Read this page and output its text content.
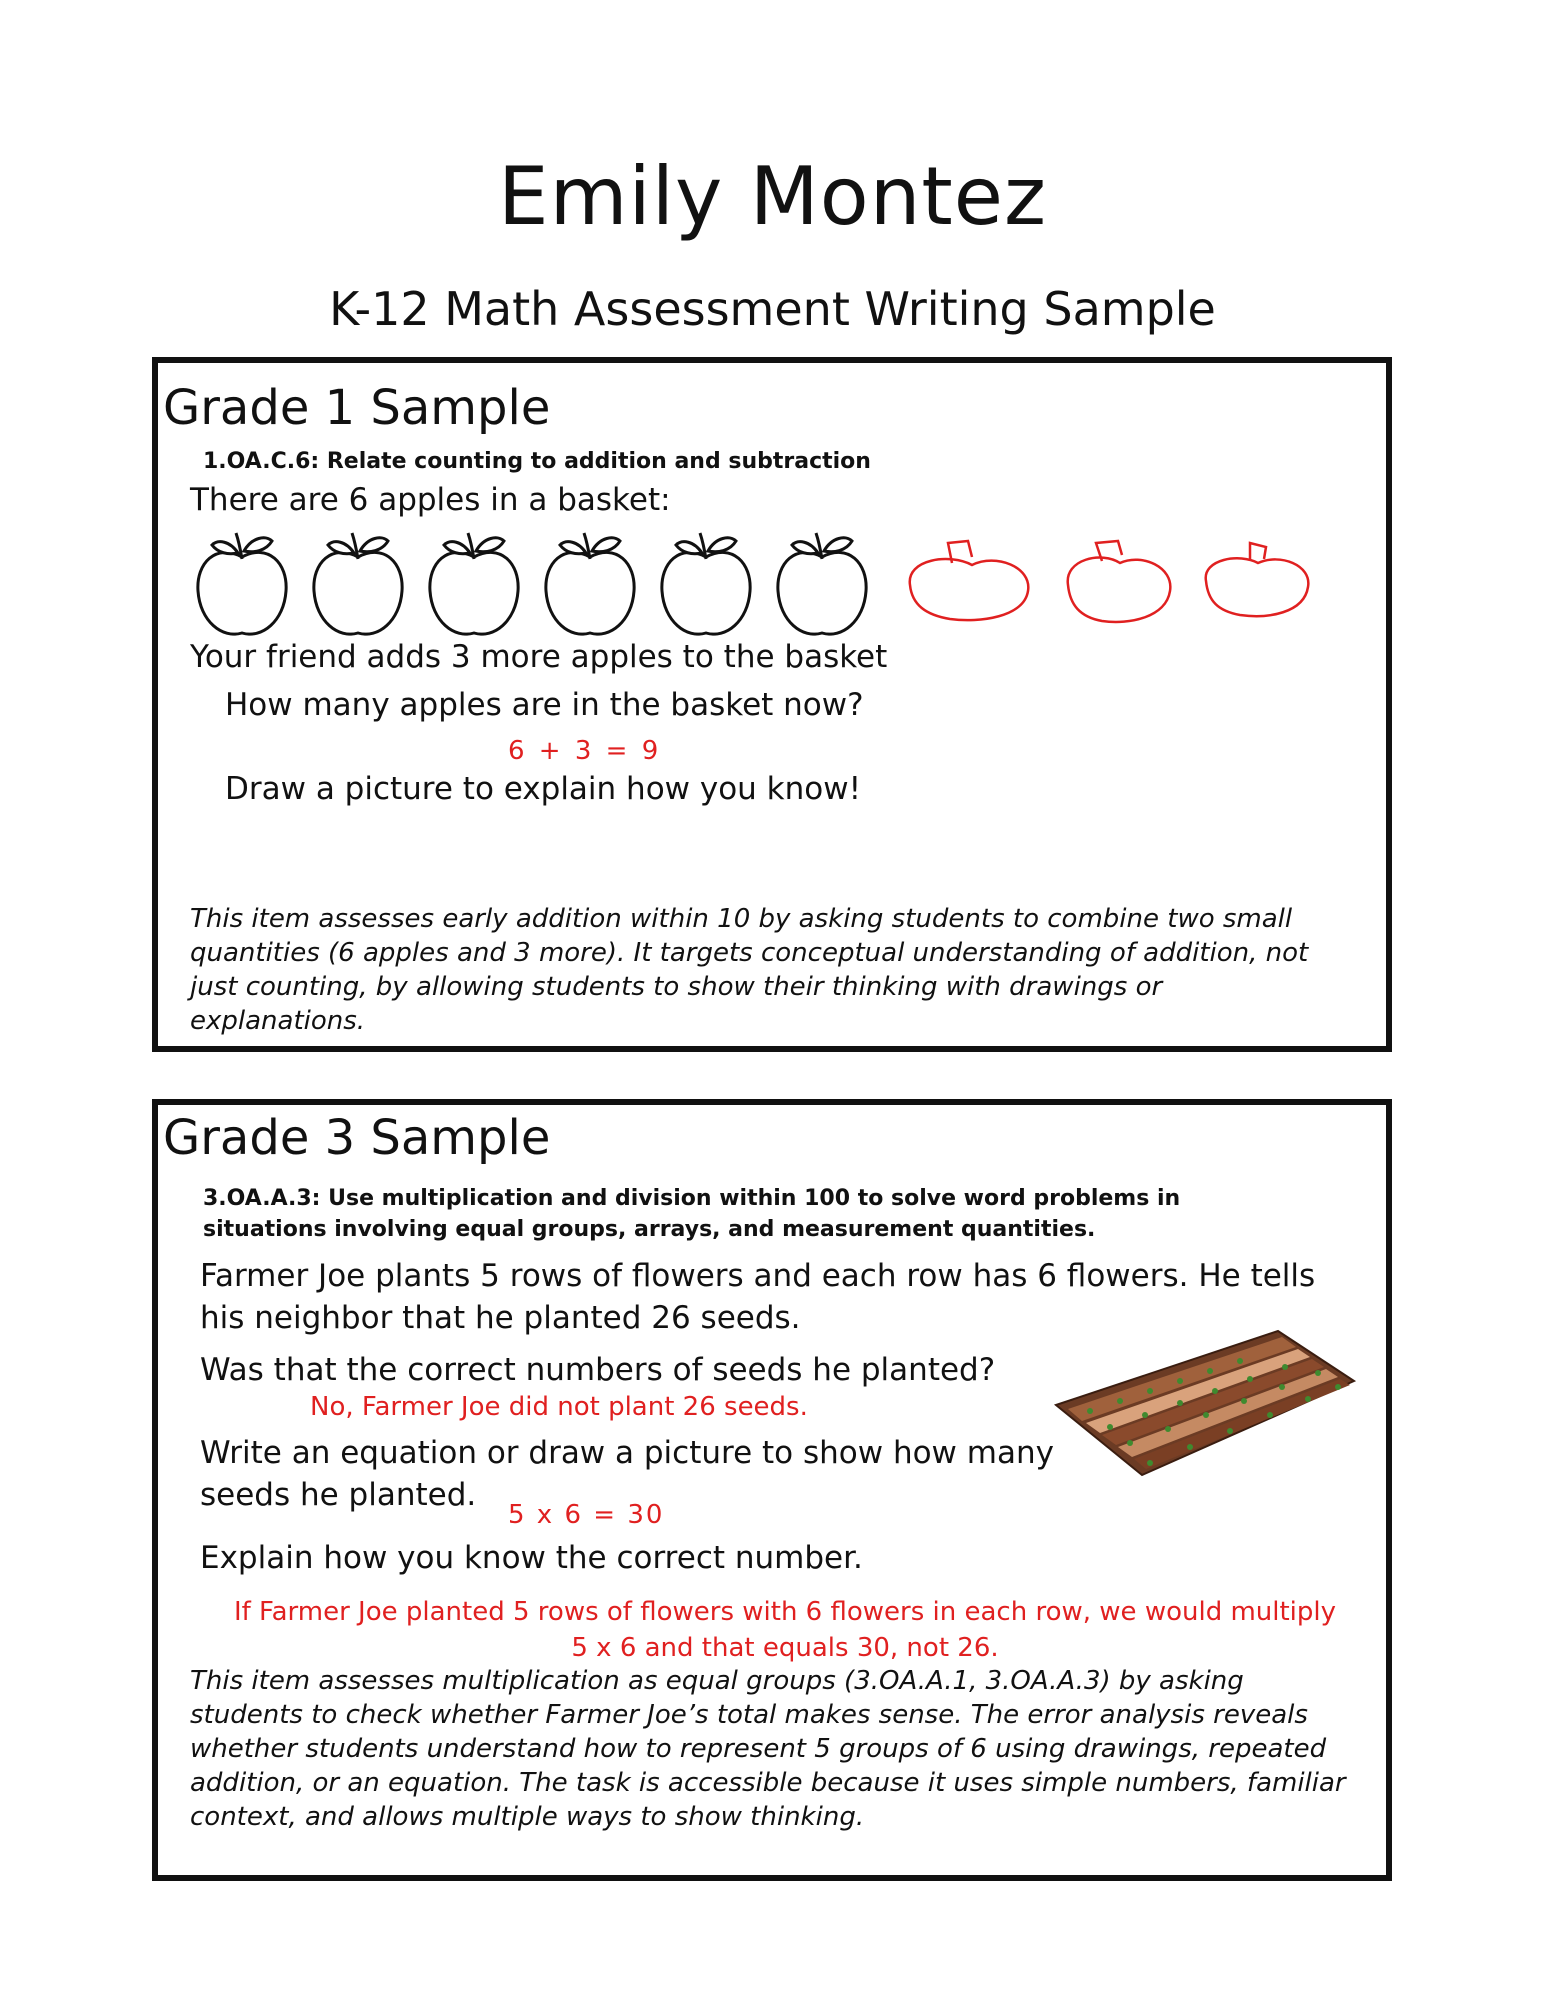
Emily Montez
K-12 Math Assessment Writing Sample
Grade 1 Sample
1.OA.C.6: Relate counting to addition and subtraction
There are 6 apples in a basket:
Your friend adds 3 more apples to the basket
How many apples are in the basket now?
6 + 3 = 9
Draw a picture to explain how you know!
This item assesses early addition within 10 by asking students to combine two small quantities (6 apples and 3 more). It targets conceptual understanding of addition, not just counting, by allowing students to show their thinking with drawings or explanations.
Grade 3 Sample
3.OA.A.3: Use multiplication and division within 100 to solve word problems in situations involving equal groups, arrays, and measurement quantities.
Farmer Joe plants 5 rows of flowers and each row has 6 flowers. He tells his neighbor that he planted 26 seeds.
Was that the correct numbers of seeds he planted?
No, Farmer Joe did not plant 26 seeds.
Write an equation or draw a picture to show how many seeds he planted.
5 x 6 = 30
Explain how you know the correct number.
If Farmer Joe planted 5 rows of flowers with 6 flowers in each row, we would multiply 5 x 6 and that equals 30, not 26.
This item assesses multiplication as equal groups (3.OA.A.1, 3.OA.A.3) by asking students to check whether Farmer Joe’s total makes sense. The error analysis reveals whether students understand how to represent 5 groups of 6 using drawings, repeated addition, or an equation. The task is accessible because it uses simple numbers, familiar context, and allows multiple ways to show thinking.
